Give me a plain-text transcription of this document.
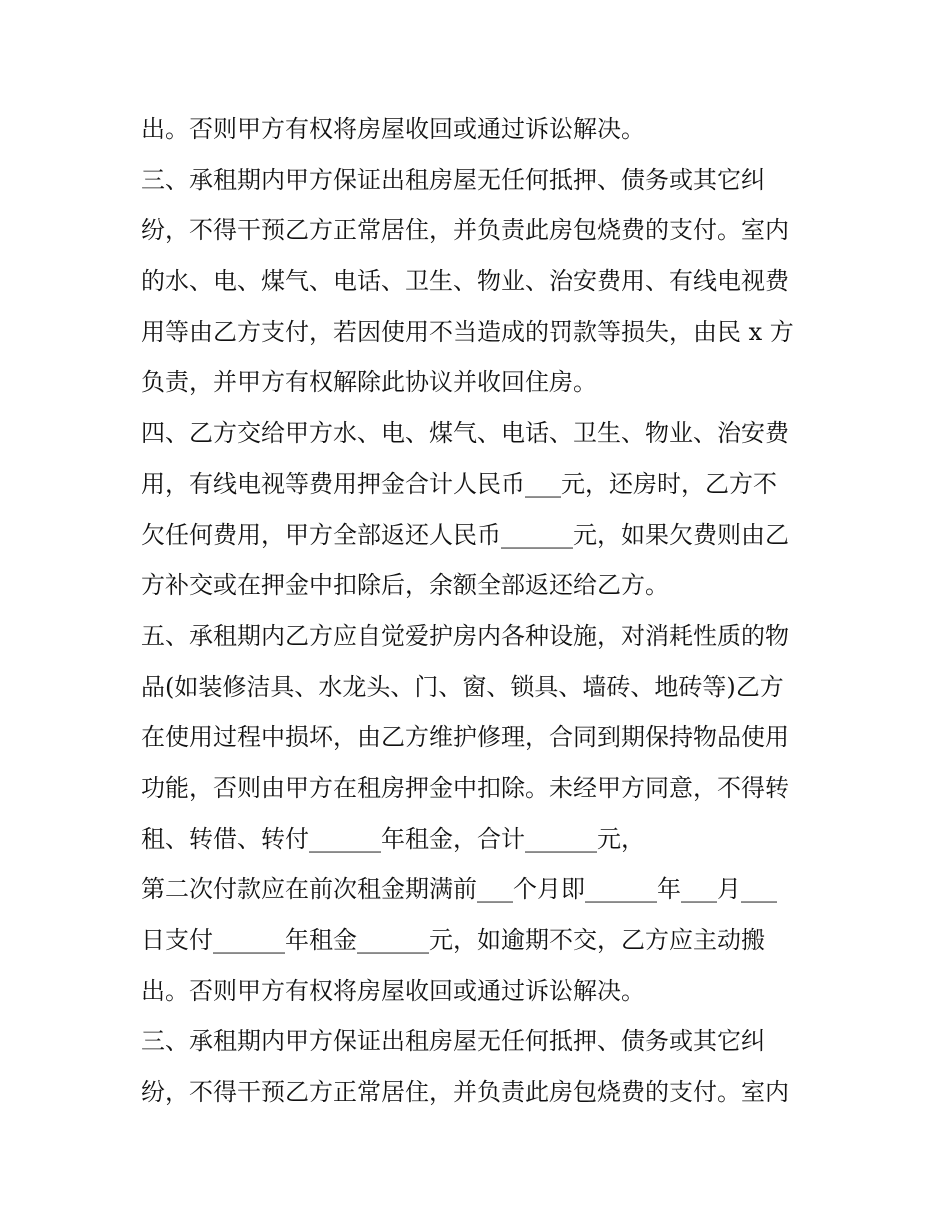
出。否则甲方有权将房屋收回或通过诉讼解决。
三、承租期内甲方保证出租房屋无任何抵押、债务或其它纠
纷，不得干预乙方正常居住，并负责此房包烧费的支付。室内
的水、电、煤气、电话、卫生、物业、治安费用、有线电视费
用等由乙方支付，若因使用不当造成的罚款等损失，由民 x 方
负责，并甲方有权解除此协议并收回住房。
四、乙方交给甲方水、电、煤气、电话、卫生、物业、治安费
用，有线电视等费用押金合计人民币___元，还房时，乙方不
欠任何费用，甲方全部返还人民币______元，如果欠费则由乙
方补交或在押金中扣除后，余额全部返还给乙方。
五、承租期内乙方应自觉爱护房内各种设施，对消耗性质的物
品(如装修洁具、水龙头、门、窗、锁具、墙砖、地砖等)乙方
在使用过程中损坏，由乙方维护修理，合同到期保持物品使用
功能，否则由甲方在租房押金中扣除。未经甲方同意，不得转
租、转借、转付______年租金，合计______元，
第二次付款应在前次租金期满前___个月即______年___月___
日支付______年租金______元，如逾期不交，乙方应主动搬
出。否则甲方有权将房屋收回或通过诉讼解决。
三、承租期内甲方保证出租房屋无任何抵押、债务或其它纠
纷，不得干预乙方正常居住，并负责此房包烧费的支付。室内
